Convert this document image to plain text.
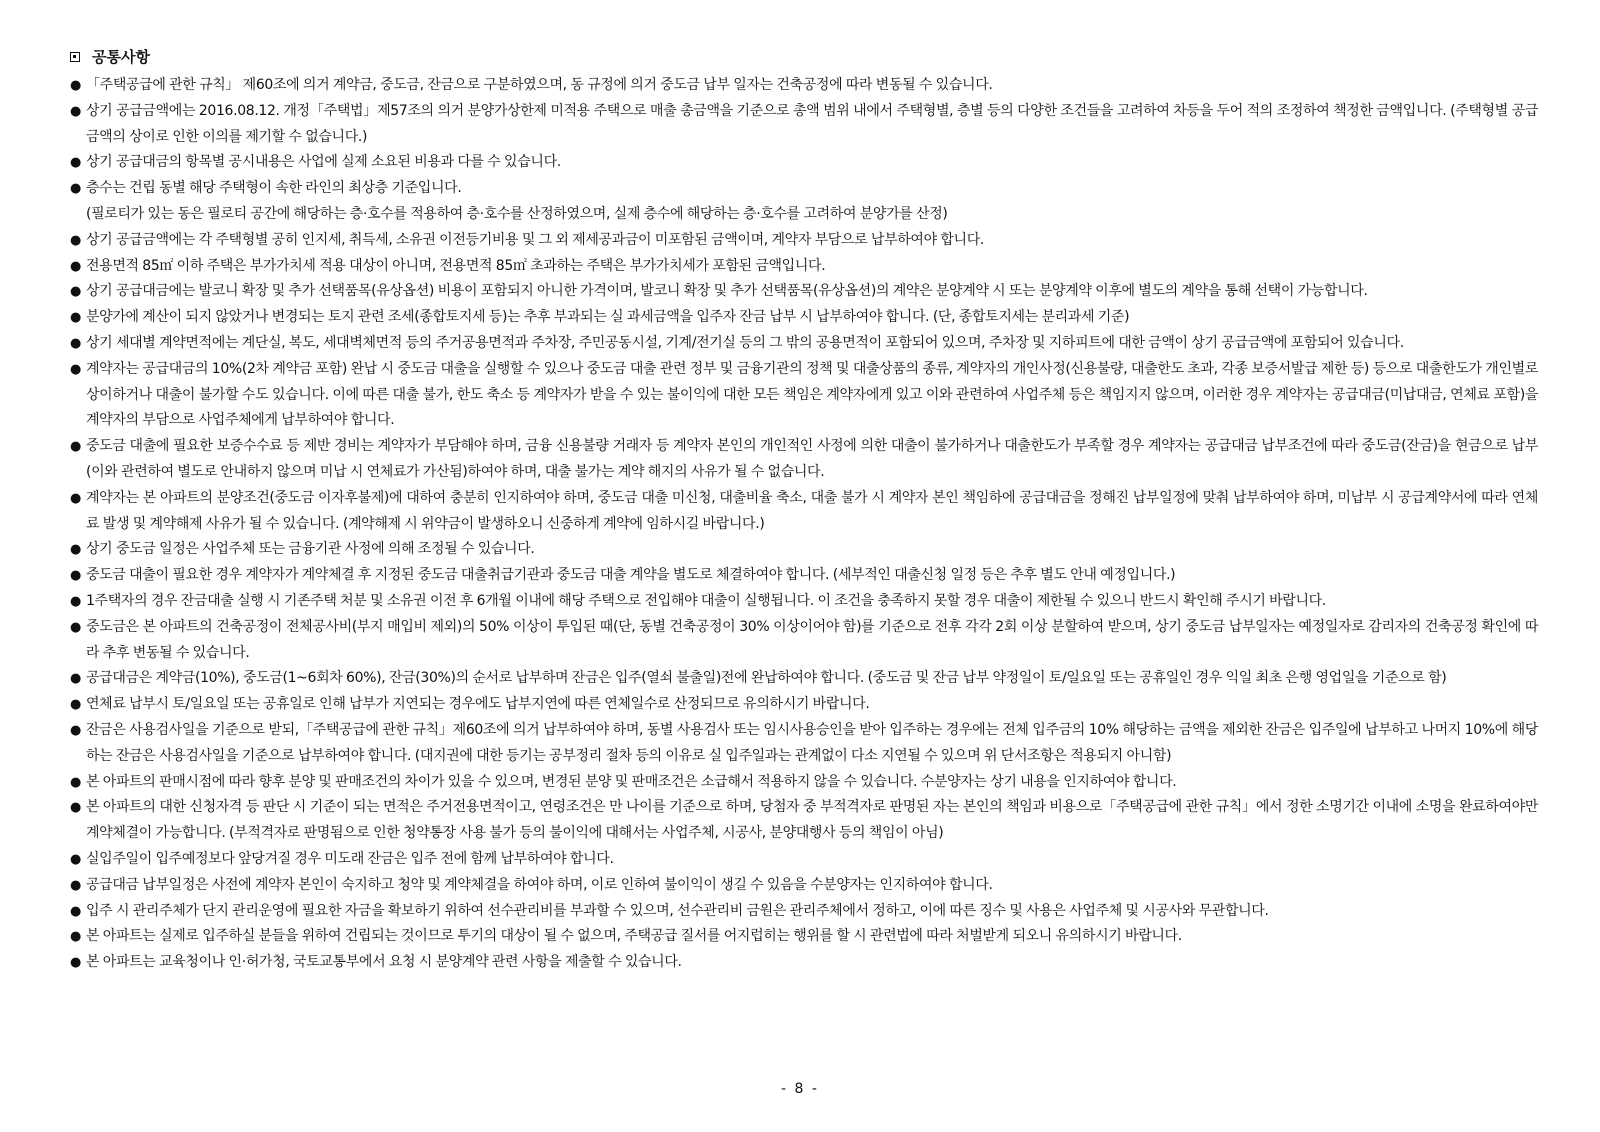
공통사항
● 「주택공급에 관한 규칙」 제60조에 의거 계약금, 중도금, 잔금으로 구분하였으며, 동 규정에 의거 중도금 납부 일자는 건축공정에 따라 변동될 수 있습니다.
● 상기 공급금액에는 2016.08.12. 개정「주택법」제57조의 의거 분양가상한제 미적용 주택으로 매출 총금액을 기준으로 총액 범위 내에서 주택형별, 층별 등의 다양한 조건들을 고려하여 차등을 두어 적의 조정하여 책정한 금액입니다. (주택형별 공급금액의 상이로 인한 이의를 제기할 수 없습니다.)
● 상기 공급대금의 항목별 공시내용은 사업에 실제 소요된 비용과 다를 수 있습니다.
● 층수는 건립 동별 해당 주택형이 속한 라인의 최상층 기준입니다.
(필로티가 있는 동은 필로티 공간에 해당하는 층·호수를 적용하여 층·호수를 산정하였으며, 실제 층수에 해당하는 층·호수를 고려하여 분양가를 산정)
● 상기 공급금액에는 각 주택형별 공히 인지세, 취득세, 소유권 이전등기비용 및 그 외 제세공과금이 미포함된 금액이며, 계약자 부담으로 납부하여야 합니다.
● 전용면적 85㎡ 이하 주택은 부가가치세 적용 대상이 아니며, 전용면적 85㎡ 초과하는 주택은 부가가치세가 포함된 금액입니다.
● 상기 공급대금에는 발코니 확장 및 추가 선택품목(유상옵션) 비용이 포함되지 아니한 가격이며, 발코니 확장 및 추가 선택품목(유상옵션)의 계약은 분양계약 시 또는 분양계약 이후에 별도의 계약을 통해 선택이 가능합니다.
● 분양가에 계산이 되지 않았거나 변경되는 토지 관련 조세(종합토지세 등)는 추후 부과되는 실 과세금액을 입주자 잔금 납부 시 납부하여야 합니다. (단, 종합토지세는 분리과세 기준)
● 상기 세대별 계약면적에는 계단실, 복도, 세대벽체면적 등의 주거공용면적과 주차장, 주민공동시설, 기계/전기실 등의 그 밖의 공용면적이 포함되어 있으며, 주차장 및 지하피트에 대한 금액이 상기 공급금액에 포함되어 있습니다.
● 계약자는 공급대금의 10%(2차 계약금 포함) 완납 시 중도금 대출을 실행할 수 있으나 중도금 대출 관련 정부 및 금융기관의 정책 및 대출상품의 종류, 계약자의 개인사정(신용불량, 대출한도 초과, 각종 보증서발급 제한 등) 등으로 대출한도가 개인별로 상이하거나 대출이 불가할 수도 있습니다. 이에 따른 대출 불가, 한도 축소 등 계약자가 받을 수 있는 불이익에 대한 모든 책임은 계약자에게 있고 이와 관련하여 사업주체 등은 책임지지 않으며, 이러한 경우 계약자는 공급대금(미납대금, 연체료 포함)을 계약자의 부담으로 사업주체에게 납부하여야 합니다.
● 중도금 대출에 필요한 보증수수료 등 제반 경비는 계약자가 부담해야 하며, 금융 신용불량 거래자 등 계약자 본인의 개인적인 사정에 의한 대출이 불가하거나 대출한도가 부족할 경우 계약자는 공급대금 납부조건에 따라 중도금(잔금)을 현금으로 납부(이와 관련하여 별도로 안내하지 않으며 미납 시 연체료가 가산됨)하여야 하며, 대출 불가는 계약 해지의 사유가 될 수 없습니다.
● 계약자는 본 아파트의 분양조건(중도금 이자후불제)에 대하여 충분히 인지하여야 하며, 중도금 대출 미신청, 대출비율 축소, 대출 불가 시 계약자 본인 책임하에 공급대금을 정해진 납부일정에 맞춰 납부하여야 하며, 미납부 시 공급계약서에 따라 연체료 발생 및 계약해제 사유가 될 수 있습니다. (계약해제 시 위약금이 발생하오니 신중하게 계약에 임하시길 바랍니다.)
● 상기 중도금 일정은 사업주체 또는 금융기관 사정에 의해 조정될 수 있습니다.
● 중도금 대출이 필요한 경우 계약자가 계약체결 후 지정된 중도금 대출취급기관과 중도금 대출 계약을 별도로 체결하여야 합니다. (세부적인 대출신청 일정 등은 추후 별도 안내 예정입니다.)
● 1주택자의 경우 잔금대출 실행 시 기존주택 처분 및 소유권 이전 후 6개월 이내에 해당 주택으로 전입해야 대출이 실행됩니다. 이 조건을 충족하지 못할 경우 대출이 제한될 수 있으니 반드시 확인해 주시기 바랍니다.
● 중도금은 본 아파트의 건축공정이 전체공사비(부지 매입비 제외)의 50% 이상이 투입된 때(단, 동별 건축공정이 30% 이상이어야 함)를 기준으로 전후 각각 2회 이상 분할하여 받으며, 상기 중도금 납부일자는 예정일자로 감리자의 건축공정 확인에 따라 추후 변동될 수 있습니다.
● 공급대금은 계약금(10%), 중도금(1~6회차 60%), 잔금(30%)의 순서로 납부하며 잔금은 입주(열쇠 불출일)전에 완납하여야 합니다. (중도금 및 잔금 납부 약정일이 토/일요일 또는 공휴일인 경우 익일 최초 은행 영업일을 기준으로 함)
● 연체료 납부시 토/일요일 또는 공휴일로 인해 납부가 지연되는 경우에도 납부지연에 따른 연체일수로 산정되므로 유의하시기 바랍니다.
● 잔금은 사용검사일을 기준으로 받되,「주택공급에 관한 규칙」제60조에 의거 납부하여야 하며, 동별 사용검사 또는 임시사용승인을 받아 입주하는 경우에는 전체 입주금의 10% 해당하는 금액을 제외한 잔금은 입주일에 납부하고 나머지 10%에 해당하는 잔금은 사용검사일을 기준으로 납부하여야 합니다. (대지권에 대한 등기는 공부정리 절차 등의 이유로 실 입주일과는 관계없이 다소 지연될 수 있으며 위 단서조항은 적용되지 아니함)
● 본 아파트의 판매시점에 따라 향후 분양 및 판매조건의 차이가 있을 수 있으며, 변경된 분양 및 판매조건은 소급해서 적용하지 않을 수 있습니다. 수분양자는 상기 내용을 인지하여야 합니다.
● 본 아파트의 대한 신청자격 등 판단 시 기준이 되는 면적은 주거전용면적이고, 연령조건은 만 나이를 기준으로 하며, 당첨자 중 부적격자로 판명된 자는 본인의 책임과 비용으로「주택공급에 관한 규칙」에서 정한 소명기간 이내에 소명을 완료하여야만 계약체결이 가능합니다. (부적격자로 판명됨으로 인한 청약통장 사용 불가 등의 불이익에 대해서는 사업주체, 시공사, 분양대행사 등의 책임이 아님)
● 실입주일이 입주예정보다 앞당겨질 경우 미도래 잔금은 입주 전에 함께 납부하여야 합니다.
● 공급대금 납부일정은 사전에 계약자 본인이 숙지하고 청약 및 계약체결을 하여야 하며, 이로 인하여 불이익이 생길 수 있음을 수분양자는 인지하여야 합니다.
● 입주 시 관리주체가 단지 관리운영에 필요한 자금을 확보하기 위하여 선수관리비를 부과할 수 있으며, 선수관리비 금원은 관리주체에서 정하고, 이에 따른 징수 및 사용은 사업주체 및 시공사와 무관합니다.
● 본 아파트는 실제로 입주하실 분들을 위하여 건립되는 것이므로 투기의 대상이 될 수 없으며, 주택공급 질서를 어지럽히는 행위를 할 시 관련법에 따라 처벌받게 되오니 유의하시기 바랍니다.
● 본 아파트는 교육청이나 인·허가청, 국토교통부에서 요청 시 분양계약 관련 사항을 제출할 수 있습니다.
- 8 -
